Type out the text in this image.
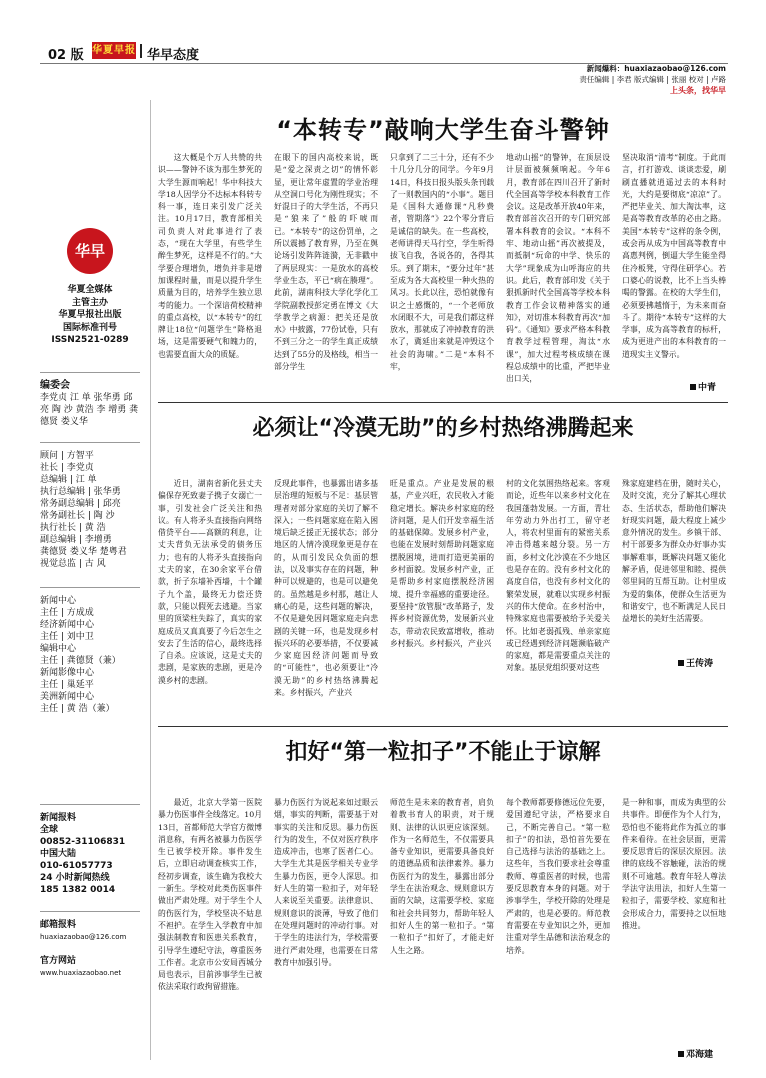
02 版 华夏早报 华早态度
新闻爆料：huaxiazaobao@126.com
责任编辑 | 李君 版式编辑 | 张丽 校对 | 卢路
上头条，找华早
华早
华夏全媒体
主管主办
华夏早报社出版
国际标准刊号
ISSN2521-0289
编委会
李党贞 江 单 张华勇 邱 亮 陶 沙 黄浩 李 增勇 龚德贤 娄义华
顾问 | 方智平
社长 | 李党贞
总编辑 | 江 单
执行总编辑 | 张华勇
常务副总编辑 | 邱亮
常务副社长 | 陶 沙
执行社长 | 黄 浩
副总编辑 | 李增勇
龚德贤 娄义华 楚粤君
视觉总监 | 古 风
新闻中心
主任 | 方成成
经济新闻中心
主任 | 刘中卫
编辑中心
主任 | 龚德贤（兼）
新闻影像中心
主任 | 巢延平
美洲新闻中心
主任 | 黄 浩（兼）
新闻报料
全球
00852-31106831
中国大陆
010-61057773
24 小时新闻热线
185 1382 0014
邮箱报料
huaxiazaobao@126.com
官方网站
www.huaxiazaobao.net
“本转专”敲响大学生奋斗警钟
这大概是个万人共赞的共识——警钟不该为那生梦死的大学生源而响起！华中科技大学18人因学分不达标本科转专科一事，连日来引发广泛关注。10月17日，教育部相关司负责人对此事进行了表态，“现在大学里，有些学生醉生梦死，这样是不行的。”大学要合理增负，增负并非是增加课程时量，而是以提升学生质量为目的，培养学生独立思考的能力。一个深谙荷校精神的重点高校，以“本转专”的红牌让18位“问题学生”降格退场，这是需要硬气和魄力的，也需要直面大众的质疑。
在眼下的国内高校来说，既是“爱之深责之切”的情怀彰显，更让常年虚置的学业治理从空洞口号化为刚性现实；不好混日子的大学生活，不再只是“狼来了”般的吓唬而已。“本转专”的这份罚单，之所以震撼了教育界，乃至在舆论场引发阵阵涟漪，无非戳中了两层现实：一是放水的高校学业生态，平已“病在腠理”。此前，湖南科技大学化学化工学院副教授彭定勇在博文《大学教学之病源：把关还是放水》中披露，77份试卷，只有不到三分之一的学生真正成绩达到了55分的及格线，相当一部分学生
只拿到了二三十分，还有不少十几分几分的同学。今年9月14日，科技日报头版头条刊载了一则教国内的“小事”。题目是《国科大通修课“凡秒费者，管期落”》22个零分背后是诚信的缺失。在一些高校，老师讲得天马行空，学生听得拔飞自我，各说各的，各得其乐。到了期末，“要分过年”甚至成为各大高校里一种火热的风习。长此以往，恐怕就像有识之士感慨的，“一个老师放水闭眼不大，可是我们都这样放水，那就成了冲掉教育的洪水了，冀延出来就是冲毁这个社会的海啸。”二是“本科不牢，
地动山摇”的警钟，在顶层设计层面被频频响起。今年6月，教育部在四川召开了新时代全国高等学校本科教育工作会议。这是改革开放40年来，教育部首次召开的专门研究部署本科教育的会议。“本科不牢、地动山摇”再次被提及，而抵制“玩命的中学、快乐的大学”现象成为山呼海应的共识。此后，教育部印发《关于狠抓新时代全国高等学校本科教育工作会议精神落实的通知》，对切准本科教育再次“加码”。《通知》要求严格本科教育教学过程管理，淘汰“水课”，加大过程考核成绩在课程总成绩中的比重，严把毕业出口关，
坚决取消“清考”制度。于此而言，打打游戏、谈谈恋爱，刷刷直播就逍遥过去的本科时光，大约是要彻底“凉凉”了。严把毕业关、加大淘汰率，这是高等教育改革的必由之路。美国“本转专”这样的条令例，或会再从成为中国高等教育中高惠判例，倒逼大学生能坐得住冷板凳，守得住研学心。若口婆心的说教，比不上当头棒喝的警露。在校的大学生们，必须要拂越惰于，为未来而奋斗了。期待“本转专”这样的大学事，成为高等教育的标杆，成为更进产出的本科教育的一道现实主义警示。
中青
必须让“冷漠无助”的乡村热络沸腾起来
近日，湖南省新化县丈夫偏保存死致妻子携子女溺亡一事，引发社会广泛关注和热议。有人将矛头直接指向网络借贷平台——高额的利息，让丈夫背负无法承受的债务压力；也有的人将矛头直接指向丈夫的家，在30余家平台借款，折子东墙补西墙，十个罐子九个盖，最终无力偿还贷款，只能以假死去逃避。当家里的顶梁柱失踪了，真实的家庭成员又真真要了今后怎生之安去了生活的信心，最终选择了自杀。应该说，这是丈夫的悲剧，是家族的悲剧，更是冷漠乡村的悲剧。
反现此事件，也暴露出诸多基层治理的短板与不足：基层管理者对部分家庭的关切了解不深入；一些问题家庭在陷入困境后缺乏援正无援状态；部分地区的人情冷漠现象更是存在的，从而引发民众负面的想法，以及事实存在的问题，种种可以规避的，也是可以避免的。虽然越是乡村那，越让人痛心的是，这些问题的解决，不仅是避免因问题家庭走向悲剧的关键一环，也是发现乡村振兴环的必要举措，不仅要减少家庭因经济问题而导致的“可能性”，也必须要让“冷漠无助”的乡村热络沸腾起来。乡村振兴，产业兴
旺是重点。产业是发展的根基，产业兴旺，农民收入才能稳定增长。解决乡村家庭的经济问题，是人们开发幸福生活的基础保障。发展乡村产业，也能在发展时刻帮助问题家庭摆脱困境，进而打造更美丽的乡村面貌。发展乡村产业，正是帮助乡村家庭摆脱经济困境、提升幸福感的重要途径。要坚持“放管服”改革路子，发挥乡村资源优势，发展新兴业态，带动农民致富增收，推动乡村振兴。乡村振兴，产业兴
村的文化氛围热络起来。客观而论，近些年以来乡村文化在我国蓬勃发展。一方面，青壮年劳动力外出打工，留守老人，将农村里面有的紧密关系冲击得越来越分裂。另一方面，乡村文化沙漠在不少地区也是存在的。没有乡村文化的高度自信，也没有乡村文化的繁荣发展，就难以实现乡村振兴的伟大使命。在乡村治中，特殊家庭也需要被给予关爱关怀。比如老弱孤残、单亲家庭或已经遇到经济问题濒临破产的家庭，都是需要重点关注的对象。基层党组织要对这些
殊家庭建档在册，随时关心，及时交流，充分了解其心理状态、生活状态，帮助他们解决好现实问题，最大程度上减少意外情况的发生。乡镇干部、村干部要多为群众办好事办实事解难事，既解决问题又能化解矛盾，促进邻里和睦、提供邻里间的互帮互助。让村里成为爱的集体，使群众生活更为和谐安宁，也不断满足人民日益增长的美好生活需要。
王传涛
扣好“第一粒扣子”不能止于谅解
最近，北京大学第一医院暴力伤医事件全线落定。10月13日，首都师范大学官方微博消息称，有两名被暴力伤医学生已被学校开除。事件发生后，立即启动调查核实工作，经初步调查，该生确为我校大一新生。学校对此类伤医事件做出严肃处理。对于学生个人的伤医行为，学校坚决不姑息不袒护。在学生入学教育中加强法制教育和医患关系教育，引导学生遵纪守法，尊重医务工作者。北京市公安局西城分局也表示，目前涉事学生已被依法采取行政拘留措施。
暴力伤医行为说起来如过眼云烟，事实的判断，需要基于对事实的关注和反思。暴力伤医行为的发生，不仅对医疗秩序造成冲击，也寒了医者仁心。大学生尤其是医学相关专业学生暴力伤医，更令人深思。扣好人生的第一粒扣子，对年轻人来说至关重要。法律意识、规则意识的淡薄，导致了他们在处理问题时的冲动行事。对于学生的违法行为，学校需要进行严肃处理，也需要在日常教育中加强引导。
师范生是未来的教育者，肩负着教书育人的职责，对于规则、法律的认识更应该深刻。作为一名师范生，不仅需要具备专业知识，更需要具备良好的道德品质和法律素养。暴力伤医行为的发生，暴露出部分学生在法治观念、规则意识方面的欠缺，这需要学校、家庭和社会共同努力，帮助年轻人扣好人生的第一粒扣子。“第一粒扣子”扣好了，才能走好人生之路。
每个教师都要修德远位先要，爱国遵纪守法，严格要求自己，不断完善自己。“第一粒扣子”的扣法，恐怕首先要在自己选择与法治的基础之上。这些年，当我们要求社会尊重教师、尊重医者的时候，也需要反思教育本身的问题。对于涉事学生，学校开除的处理是严肃的，也是必要的。师范教育需要在专业知识之外，更加注重对学生品德和法治观念的培养。
是一种和事，而成为典型的公共事件。即便作为个人行为，恐怕也不能将此作为孤立的事件来看待。在社会层面，更需要反思背后的深层次原因。法律的底线不容触碰，法治的规则不可逾越。教育年轻人尊法学法守法用法，扣好人生第一粒扣子，需要学校、家庭和社会形成合力，需要持之以恒地推进。
邓海建
